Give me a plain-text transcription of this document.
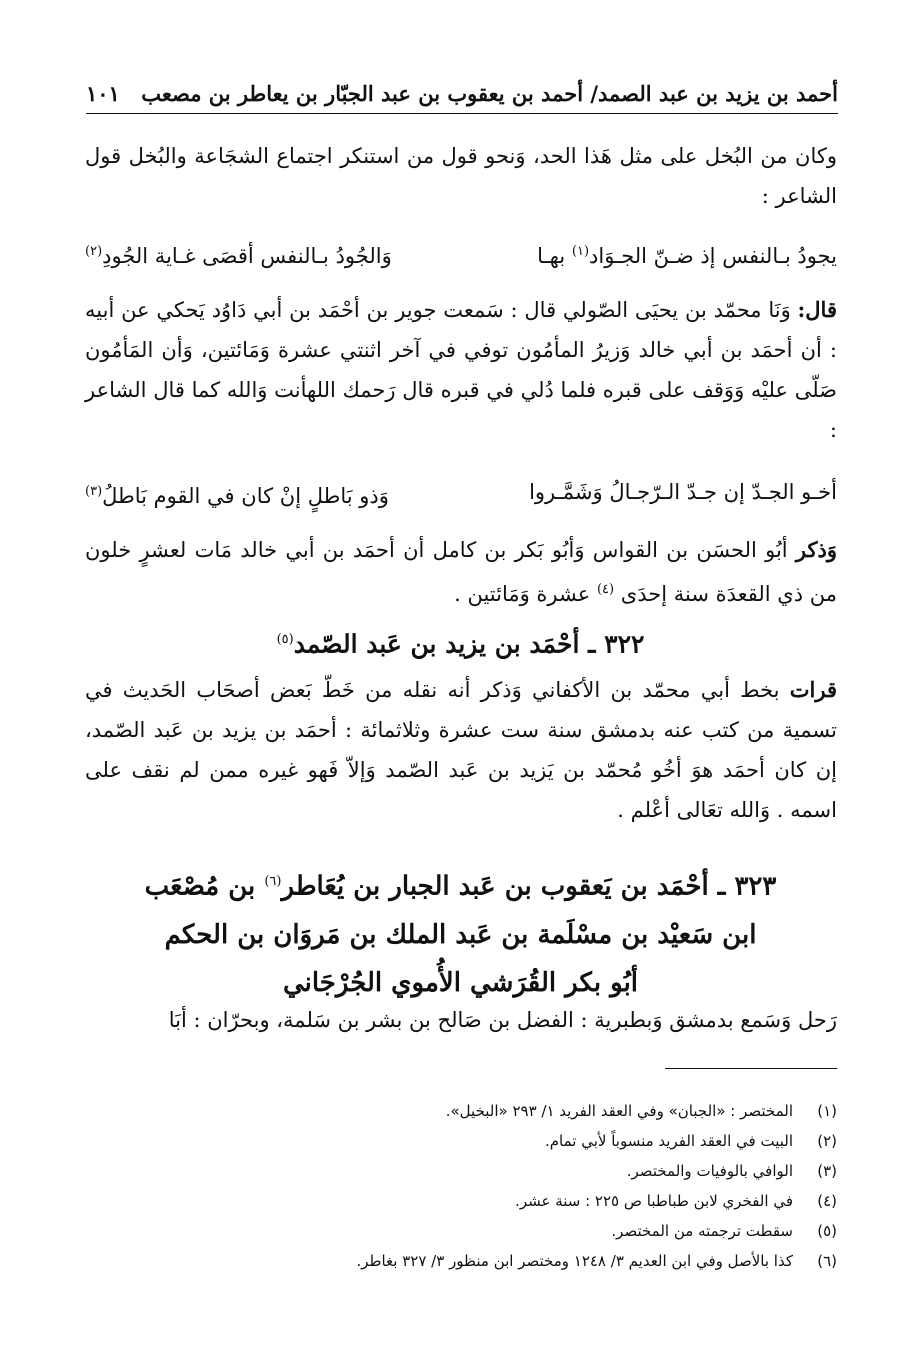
أحمد بن يزيد بن عبد الصمد/ أحمد بن يعقوب بن عبد الجبّار بن يعاطر بن مصعب
١٠١
وكان من البُخل على مثل هَذا الحد، وَنحو قول من استنكر اجتماع الشجَاعة والبُخل قول الشاعر :
يجودُ بـالنفس إذ ضـنّ الجـوَاد$^{(١)}$ بهـا
وَالجُودُ بـالنفس أقصَى غـاية الجُودِ$^{(٢)}$
قال: وَنَا محمّد بن يحيَى الصّولي قال : سَمعت جوير بن أحْمَد بن أبي دَاوُد يَحكي عن أبيه : أن أحمَد بن أبي خالد وَزيرُ المأمُون توفي في آخر اثنتي عشرة وَمَائتين، وَأن المَأمُون صَلّى عليْه وَوَقف على قبره فلما دُلي في قبره قال رَحمك اللهأنت وَالله كما قال الشاعر :
أخـو الجـدّ إن جـدّ الـرّجـالُ وَشَمَّـروا
وَذو بَاطلٍ إنْ كان في القوم بَاطلُ$^{(٣)}$
وَذكر أبُو الحسَن بن القواس وَأبُو بَكر بن كامل أن أحمَد بن أبي خالد مَات لعشرٍ خلون من ذي القعدَة سنة إحدَى $^{(٤)}$ عشرة وَمَائتين .
٣٢٢ ـ أحْمَد بن يزيد بن عَبد الصّمد$^{(٥)}$
قرات بخط أبي محمّد بن الأكفاني وَذكر أنه نقله من خَطّ بَعض أصحَاب الحَديث في تسمية من كتب عنه بدمشق سنة ست عشرة وثلاثمائة : أحمَد بن يزيد بن عَبد الصّمد، إن كان أحمَد هوَ أخُو مُحمّد بن يَزيد بن عَبد الصّمد وَإلاّ فَهو غيره ممن لم نقف على اسمه . وَالله تعَالى أعْلم .
٣٢٣ ـ أحْمَد بن يَعقوب بن عَبد الجبار بن يُعَاطر$^{(٦)}$ بن مُصْعَب
ابن سَعيْد بن مسْلَمة بن عَبد الملك بن مَروَان بن الحكم
أبُو بكر القُرَشي الأُموي الجُرْجَاني
رَحل وَسَمع بدمشق وَبطبرية : الفضل بن صَالح بن بشر بن سَلمة، وبحرّان : أبَا
(١)
المختصر : «الجبان» وفي العقد الفريد ١/ ٢٩٣ «البخيل».
(٢)
البيت في العقد الفريد منسوباً لأبي تمام.
(٣)
الوافي بالوفيات والمختصر.
(٤)
في الفخري لابن طباطبا ص ٢٢٥ : سنة عشر.
(٥)
سقطت ترجمته من المختصر.
(٦)
كذا بالأصل وفي ابن العديم ٣/ ١٢٤٨ ومختصر ابن منظور ٣/ ٣٢٧ بغاطر.
